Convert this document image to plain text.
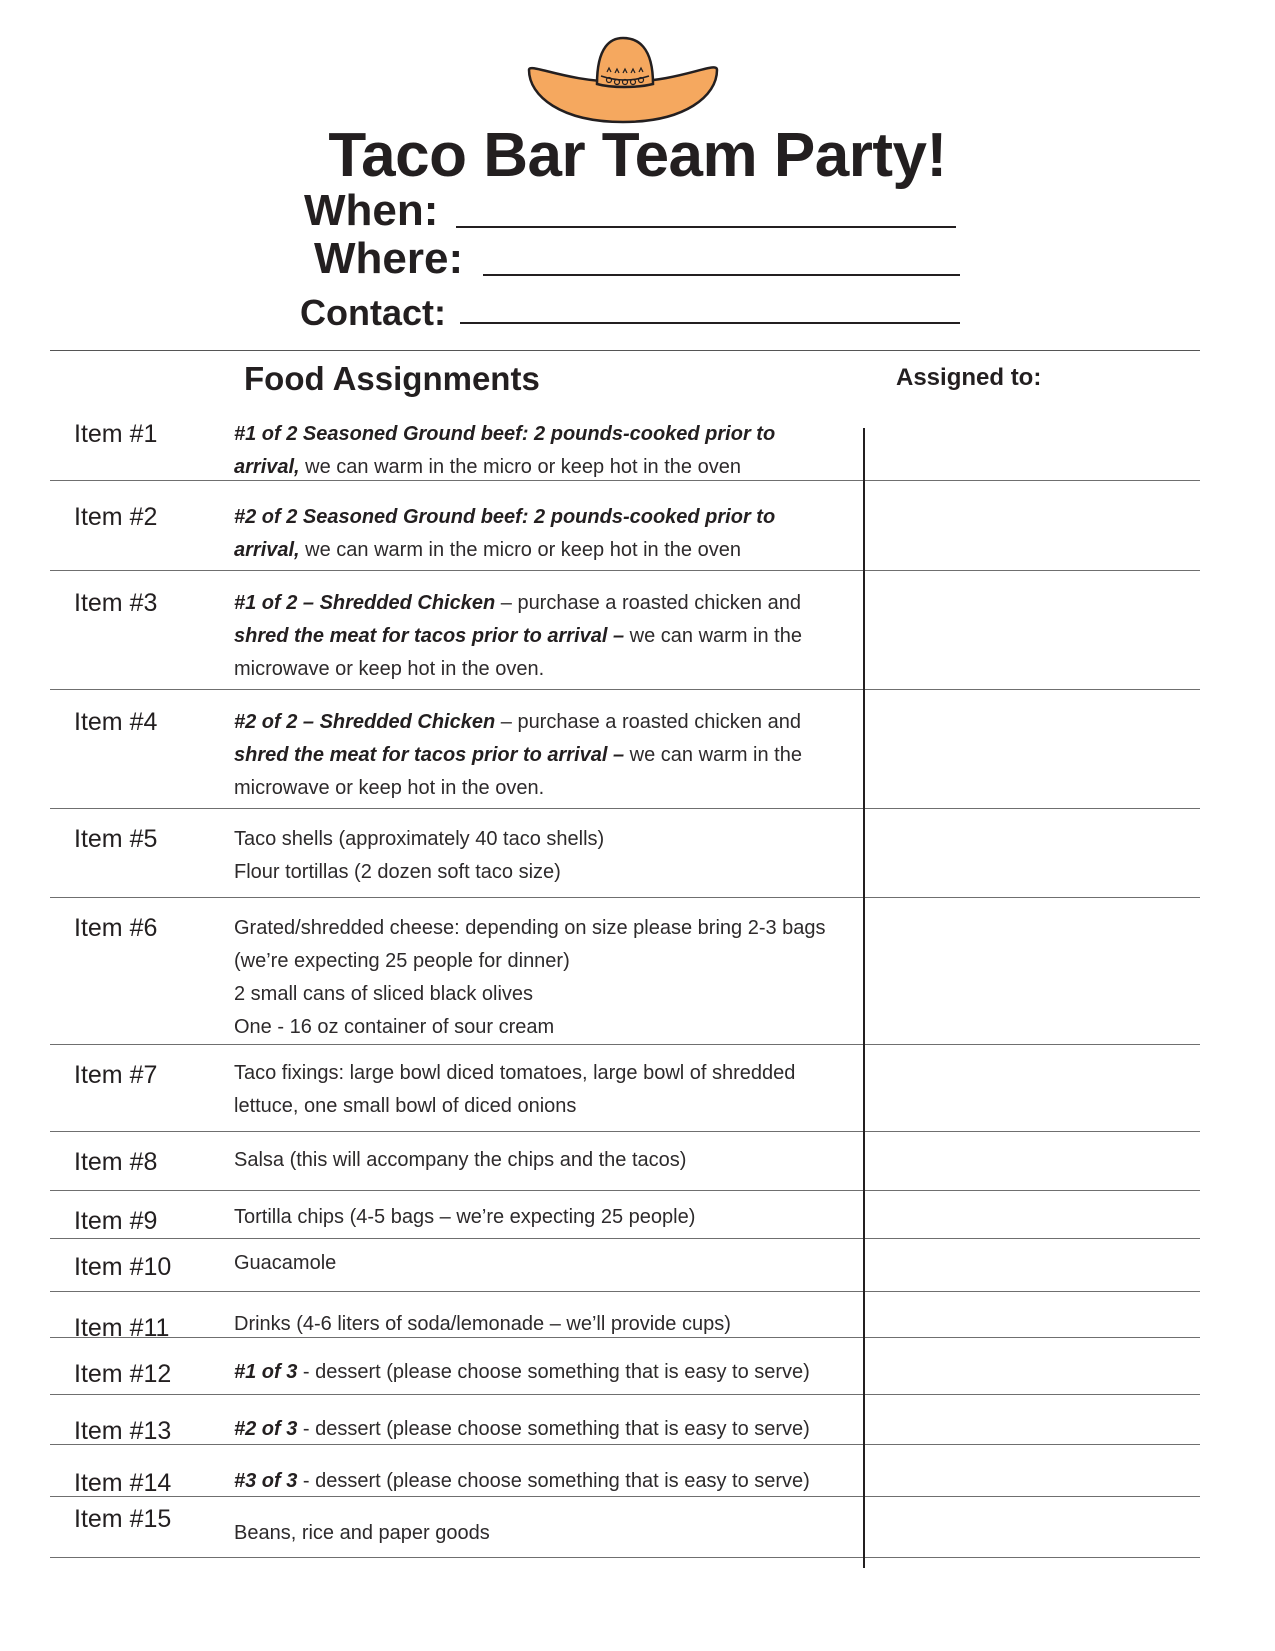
Taco Bar Team Party!
When:
Where:
Contact:
Food Assignments	Assigned to:
Item #1	#1 of 2 Seasoned Ground beef: 2 pounds-cooked prior to
arrival, we can warm in the micro or keep hot in the oven
Item #2	#2 of 2 Seasoned Ground beef: 2 pounds-cooked prior to
arrival, we can warm in the micro or keep hot in the oven
Item #3	#1 of 2 – Shredded Chicken – purchase a roasted chicken and
shred the meat for tacos prior to arrival – we can warm in the
microwave or keep hot in the oven.
Item #4	#2 of 2 – Shredded Chicken – purchase a roasted chicken and
shred the meat for tacos prior to arrival – we can warm in the
microwave or keep hot in the oven.
Item #5	Taco shells (approximately 40 taco shells)
Flour tortillas (2 dozen soft taco size)
Item #6	Grated/shredded cheese: depending on size please bring 2-3 bags
(we’re expecting 25 people for dinner)
2 small cans of sliced black olives
One - 16 oz container of sour cream
Item #7	Taco fixings: large bowl diced tomatoes, large bowl of shredded
lettuce, one small bowl of diced onions
Item #8	Salsa (this will accompany the chips and the tacos)
Item #9	Tortilla chips (4-5 bags – we’re expecting 25 people)
Item #10	Guacamole
Item #11	Drinks (4-6 liters of soda/lemonade – we’ll provide cups)
Item #12	#1 of 3 - dessert (please choose something that is easy to serve)
Item #13	#2 of 3 - dessert (please choose something that is easy to serve)
Item #14	#3 of 3 - dessert (please choose something that is easy to serve)
Item #15	Beans, rice and paper goods
